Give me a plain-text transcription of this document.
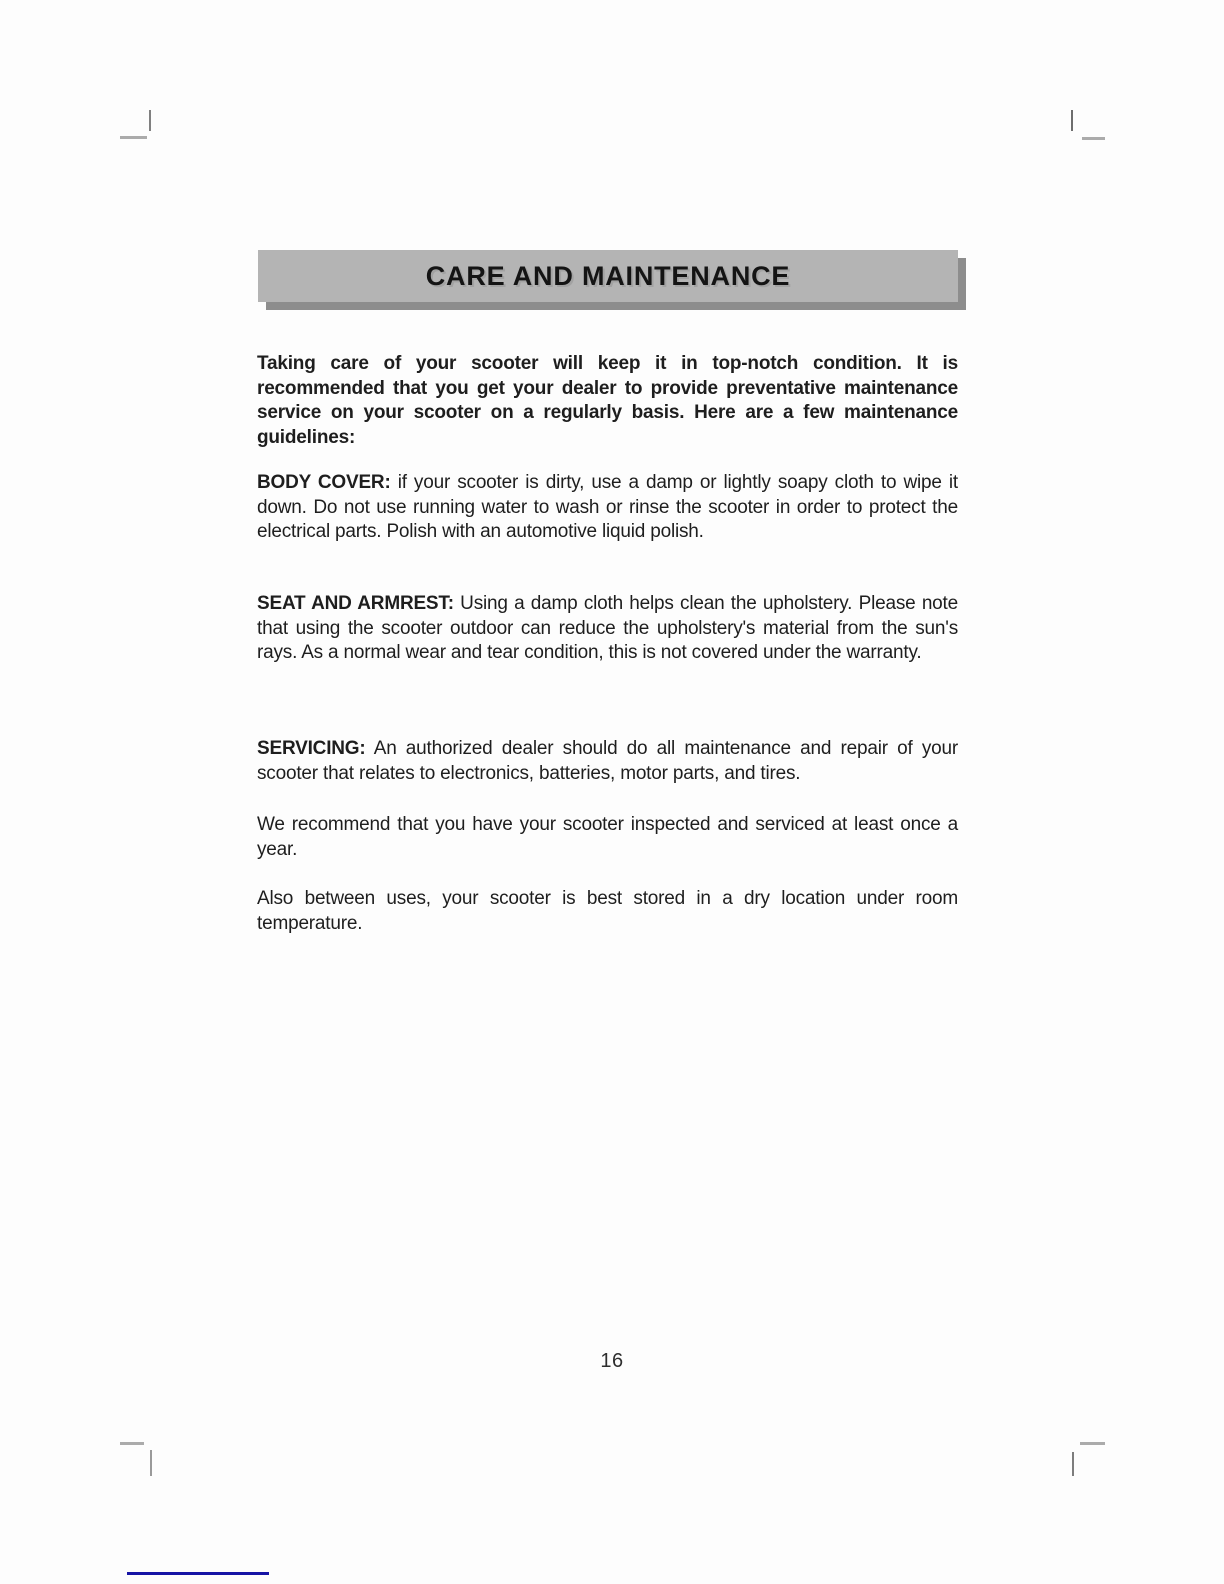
CARE AND MAINTENANCE

Taking care of your scooter will keep it in top-notch condition. It is recommended that you get your dealer to provide preventative maintenance service on your scooter on a regularly basis. Here are a few maintenance guidelines:

BODY COVER: if your scooter is dirty, use a damp or lightly soapy cloth to wipe it down. Do not use running water to wash or rinse the scooter in order to protect the electrical parts. Polish with an automotive liquid polish.

SEAT AND ARMREST: Using a damp cloth helps clean the upholstery. Please note that using the scooter outdoor can reduce the upholstery's material from the sun's rays. As a normal wear and tear condition, this is not covered under the warranty.

SERVICING: An authorized dealer should do all maintenance and repair of your scooter that relates to electronics, batteries, motor parts, and tires.

We recommend that you have your scooter inspected and serviced at least once a year.

Also between uses, your scooter is best stored in a dry location under room temperature.

16
